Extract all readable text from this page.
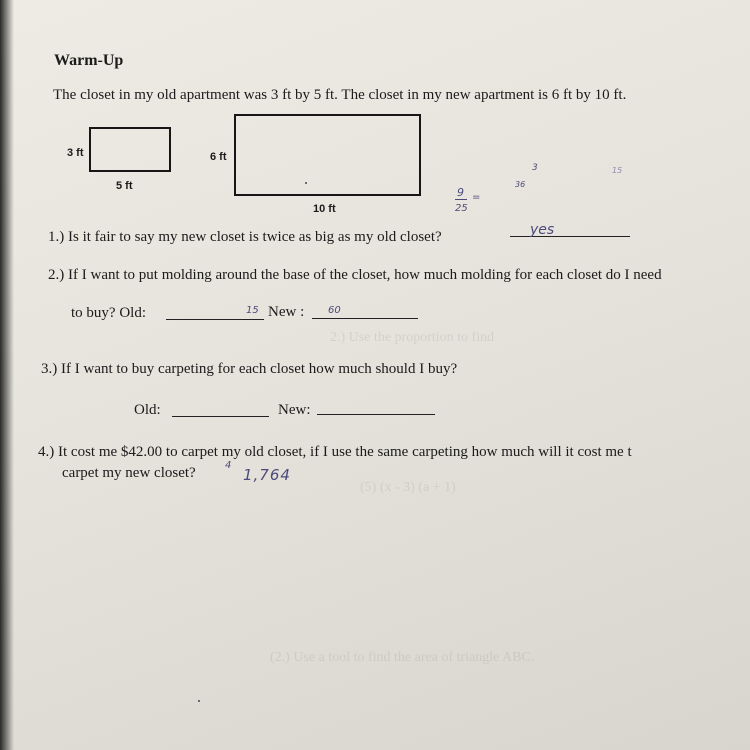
2.) Use the proportion to find
(5) (x - 3) (a + 1)
(2.) Use a tool to find the area of triangle ABC.
Warm-Up
The closet in my old apartment was 3 ft by 5 ft. The closet in my new apartment is 6 ft by 10 ft.
3 ft
5 ft
6 ft
10 ft
9
25
=
3
36
15
1.) Is it fair to say my new closet is twice as big as my old closet?	yes
2.) If I want to put molding around the base of the closet, how much molding for each closet do I need
to buy? Old:	15 New : 60
3.) If I want to buy carpeting for each closet how much should I buy?
Old:	New:
4.) It cost me $42.00 to carpet my old closet, if I use the same carpeting how much will it cost me t
carpet my new closet?	4
1,764
